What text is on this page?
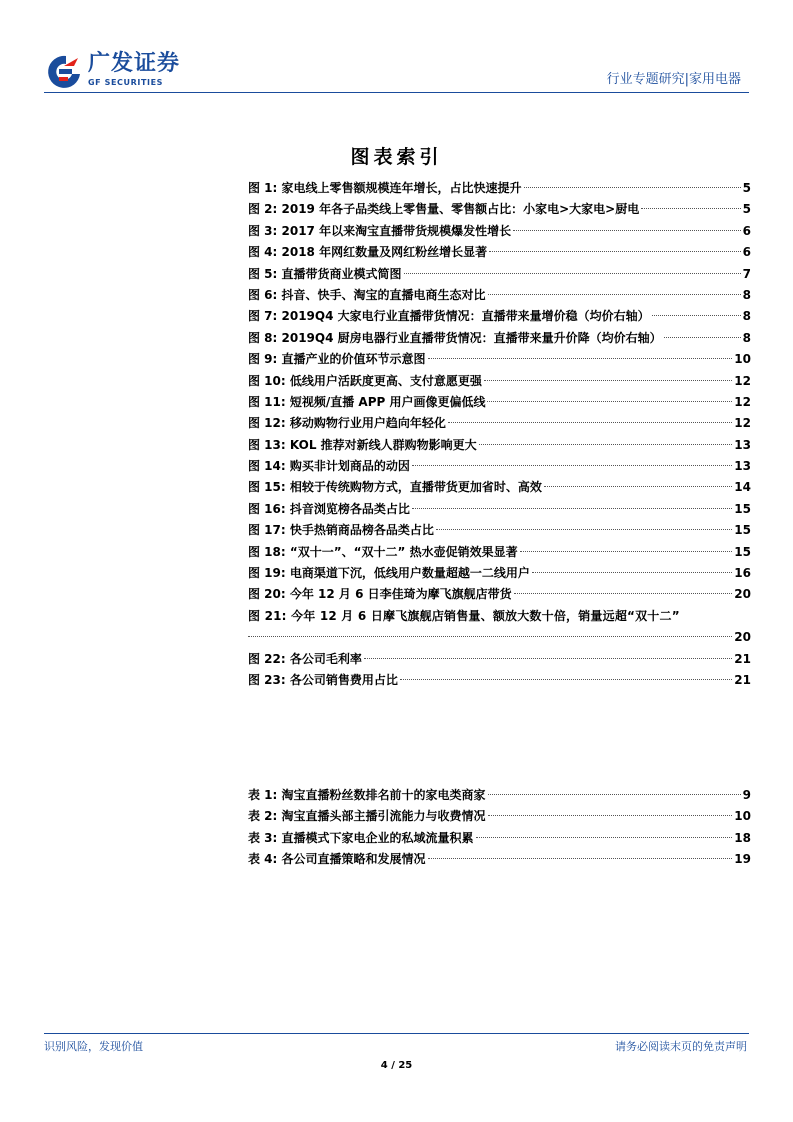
广发证券
GF SECURITIES	行业专题研究|家用电器
图表索引
图 1: 家电线上零售额规模连年增长，占比快速提升	5
图 2: 2019 年各子品类线上零售量、零售额占比：小家电>大家电>厨电	5
图 3: 2017 年以来淘宝直播带货规模爆发性增长	6
图 4: 2018 年网红数量及网红粉丝增长显著	6
图 5: 直播带货商业模式简图	7
图 6: 抖音、快手、淘宝的直播电商生态对比	8
图 7: 2019Q4 大家电行业直播带货情况：直播带来量增价稳（均价右轴）	8
图 8: 2019Q4 厨房电器行业直播带货情况：直播带来量升价降（均价右轴）	8
图 9: 直播产业的价值环节示意图	10
图 10: 低线用户活跃度更高、支付意愿更强	12
图 11: 短视频/直播 APP 用户画像更偏低线	12
图 12: 移动购物行业用户趋向年轻化	12
图 13: KOL 推荐对新线人群购物影响更大	13
图 14: 购买非计划商品的动因	13
图 15: 相较于传统购物方式，直播带货更加省时、高效	14
图 16: 抖音浏览榜各品类占比	15
图 17: 快手热销商品榜各品类占比	15
图 18: “双十一”、“双十二” 热水壶促销效果显著	15
图 19: 电商渠道下沉，低线用户数量超越一二线用户	16
图 20: 今年 12 月 6 日李佳琦为摩飞旗舰店带货	20
图 21: 今年 12 月 6 日摩飞旗舰店销售量、额放大数十倍，销量远超“双十二”
20
图 22: 各公司毛利率	21
图 23: 各公司销售费用占比	21
表 1: 淘宝直播粉丝数排名前十的家电类商家	9
表 2: 淘宝直播头部主播引流能力与收费情况	10
表 3: 直播模式下家电企业的私域流量积累	18
表 4: 各公司直播策略和发展情况	19
识别风险，发现价值	请务必阅读末页的免责声明
4 / 25
